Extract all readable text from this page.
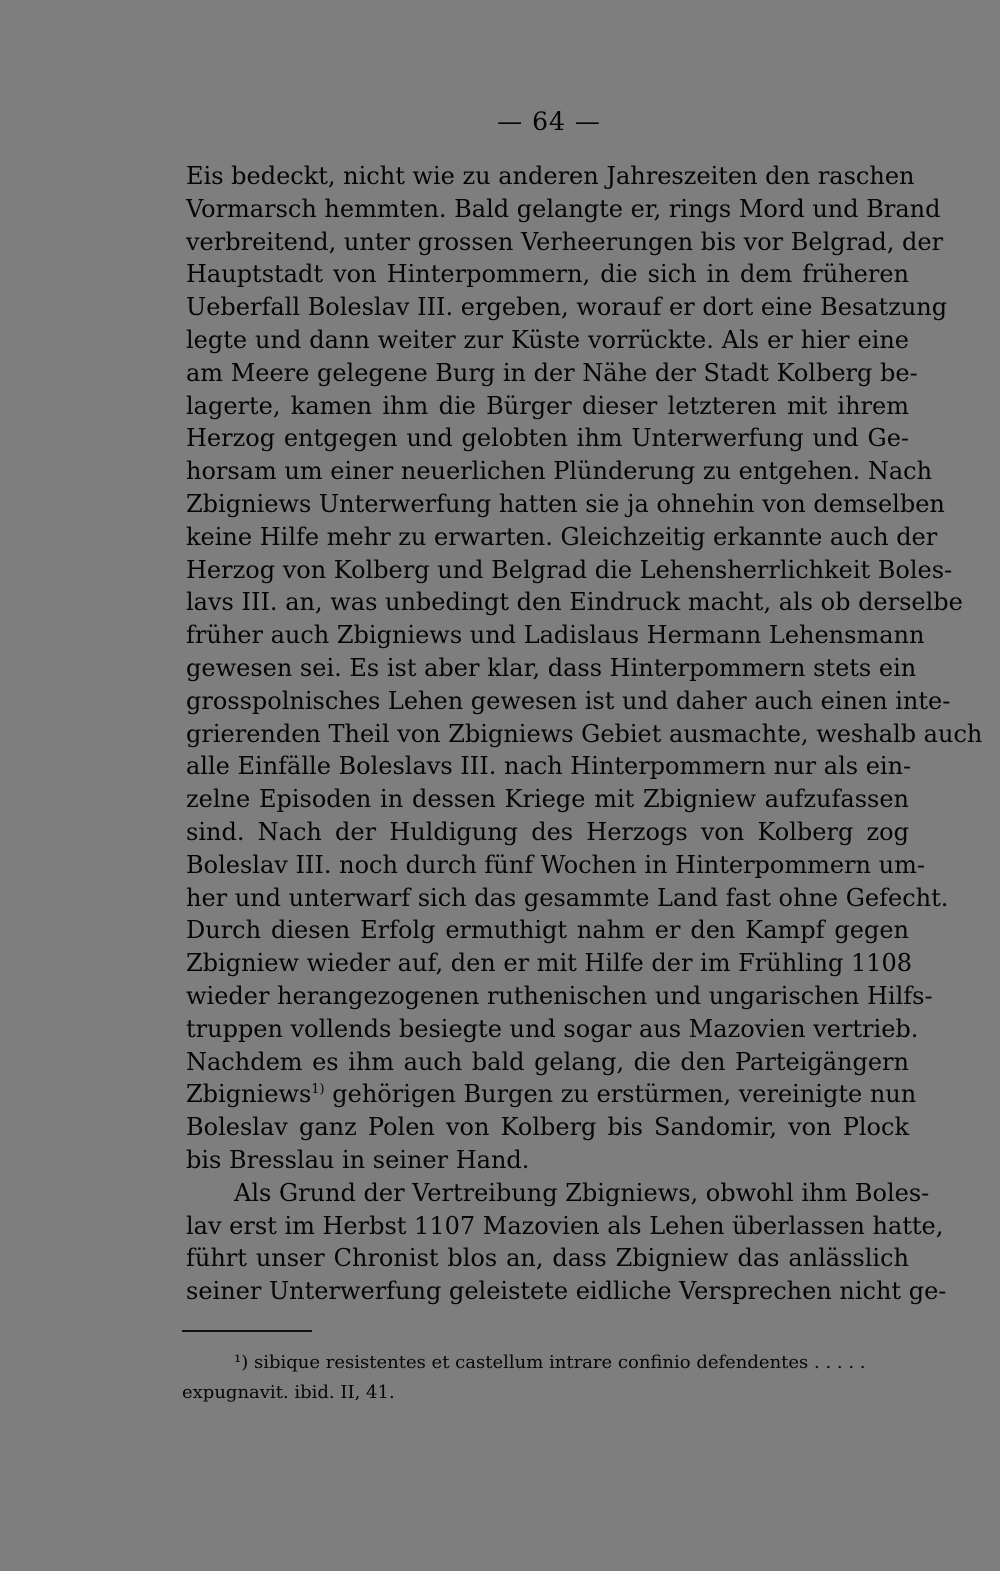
— 64 —
Eis bedeckt, nicht wie zu anderen Jahreszeiten den raschen
Vormarsch hemmten. Bald gelangte er, rings Mord und Brand
verbreitend, unter grossen Verheerungen bis vor Belgrad, der
Hauptstadt von Hinterpommern, die sich in dem früheren
Ueberfall Boleslav III. ergeben, worauf er dort eine Besatzung
legte und dann weiter zur Küste vorrückte. Als er hier eine
am Meere gelegene Burg in der Nähe der Stadt Kolberg be-
lagerte, kamen ihm die Bürger dieser letzteren mit ihrem
Herzog entgegen und gelobten ihm Unterwerfung und Ge-
horsam um einer neuerlichen Plünderung zu entgehen. Nach
Zbigniews Unterwerfung hatten sie ja ohnehin von demselben
keine Hilfe mehr zu erwarten. Gleichzeitig erkannte auch der
Herzog von Kolberg und Belgrad die Lehensherrlichkeit Boles-
lavs III. an, was unbedingt den Eindruck macht, als ob derselbe
früher auch Zbigniews und Ladislaus Hermann Lehensmann
gewesen sei. Es ist aber klar, dass Hinterpommern stets ein
grosspolnisches Lehen gewesen ist und daher auch einen inte-
grierenden Theil von Zbigniews Gebiet ausmachte, weshalb auch
alle Einfälle Boleslavs III. nach Hinterpommern nur als ein-
zelne Episoden in dessen Kriege mit Zbigniew aufzufassen
sind. Nach der Huldigung des Herzogs von Kolberg zog
Boleslav III. noch durch fünf Wochen in Hinterpommern um-
her und unterwarf sich das gesammte Land fast ohne Gefecht.
Durch diesen Erfolg ermuthigt nahm er den Kampf gegen
Zbigniew wieder auf, den er mit Hilfe der im Frühling 1108
wieder herangezogenen ruthenischen und ungarischen Hilfs-
truppen vollends besiegte und sogar aus Mazovien vertrieb.
Nachdem es ihm auch bald gelang, die den Parteigängern
Zbigniews$^{1)}$ gehörigen Burgen zu erstürmen, vereinigte nun
Boleslav ganz Polen von Kolberg bis Sandomir, von Plock
bis Bresslau in seiner Hand.
Als Grund der Vertreibung Zbigniews, obwohl ihm Boles-
lav erst im Herbst 1107 Mazovien als Lehen überlassen hatte,
führt unser Chronist blos an, dass Zbigniew das anlässlich
seiner Unterwerfung geleistete eidliche Versprechen nicht ge-
¹) sibique resistentes et castellum intrare confinio defendentes . . . . .
expugnavit. ibid. II, 41.
